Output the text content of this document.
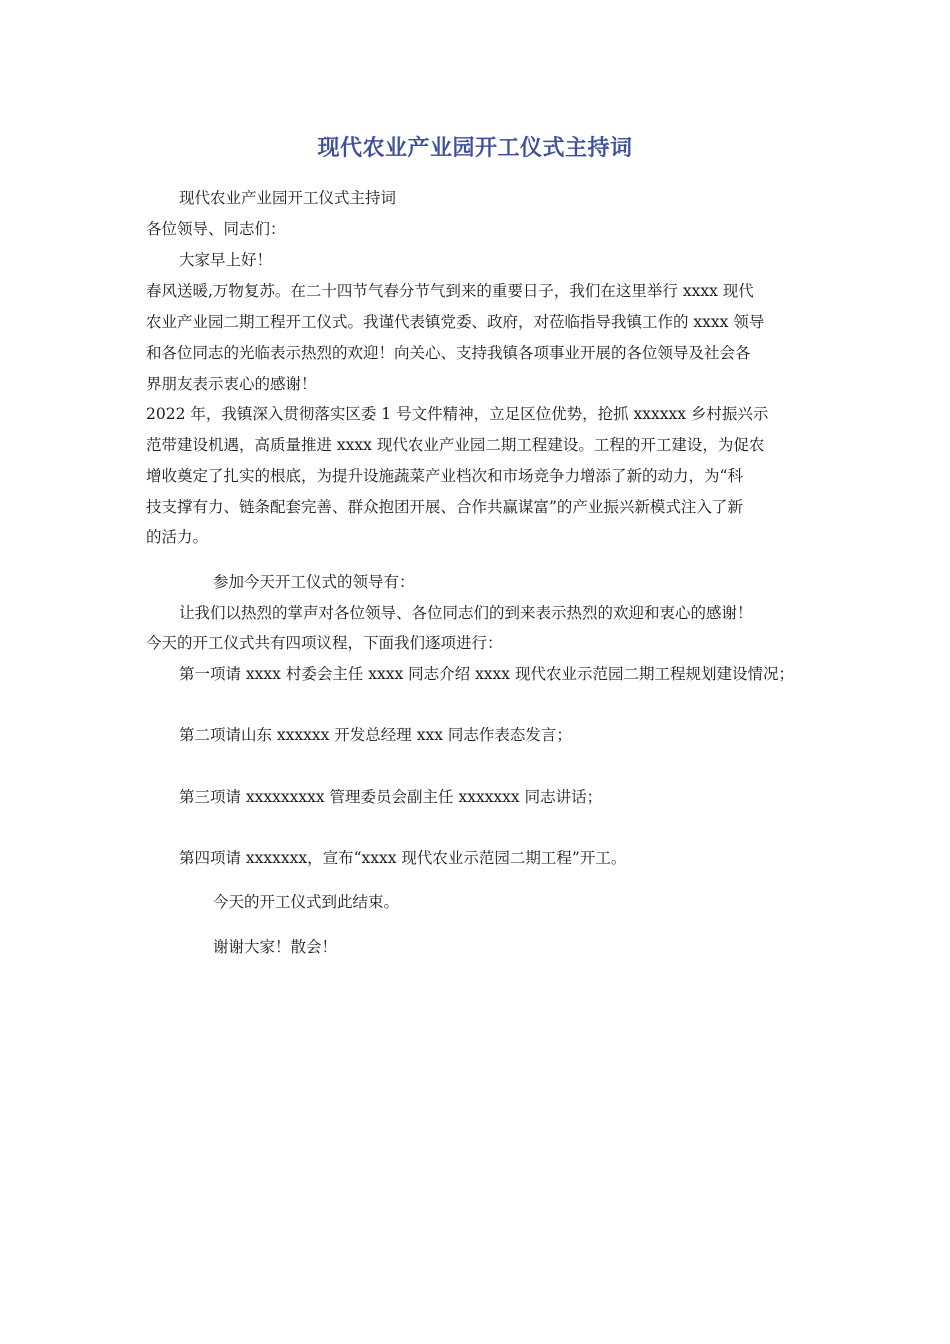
现代农业产业园开工仪式主持词
现代农业产业园开工仪式主持词
各位领导、同志们：
大家早上好！
春风送暖,万物复苏。在二十四节气春分节气到来的重要日子，我们在这里举行 xxxx 现代
农业产业园二期工程开工仪式。我谨代表镇党委、政府，对莅临指导我镇工作的 xxxx 领导
和各位同志的光临表示热烈的欢迎！向关心、支持我镇各项事业开展的各位领导及社会各
界朋友表示衷心的感谢！
2022 年，我镇深入贯彻落实区委 1 号文件精神，立足区位优势，抢抓 xxxxxx 乡村振兴示
范带建设机遇，高质量推进 xxxx 现代农业产业园二期工程建设。工程的开工建设，为促农
增收奠定了扎实的根底，为提升设施蔬菜产业档次和市场竞争力增添了新的动力，为“科
技支撑有力、链条配套完善、群众抱团开展、合作共赢谋富”的产业振兴新模式注入了新
的活力。
参加今天开工仪式的领导有：
让我们以热烈的掌声对各位领导、各位同志们的到来表示热烈的欢迎和衷心的感谢！
今天的开工仪式共有四项议程，下面我们逐项进行：
第一项请 xxxx 村委会主任 xxxx 同志介绍 xxxx 现代农业示范园二期工程规划建设情况；
第二项请山东 xxxxxx 开发总经理 xxx 同志作表态发言；
第三项请 xxxxxxxxx 管理委员会副主任 xxxxxxx 同志讲话；
第四项请 xxxxxxx，宣布“xxxx 现代农业示范园二期工程”开工。
今天的开工仪式到此结束。
谢谢大家！散会！
